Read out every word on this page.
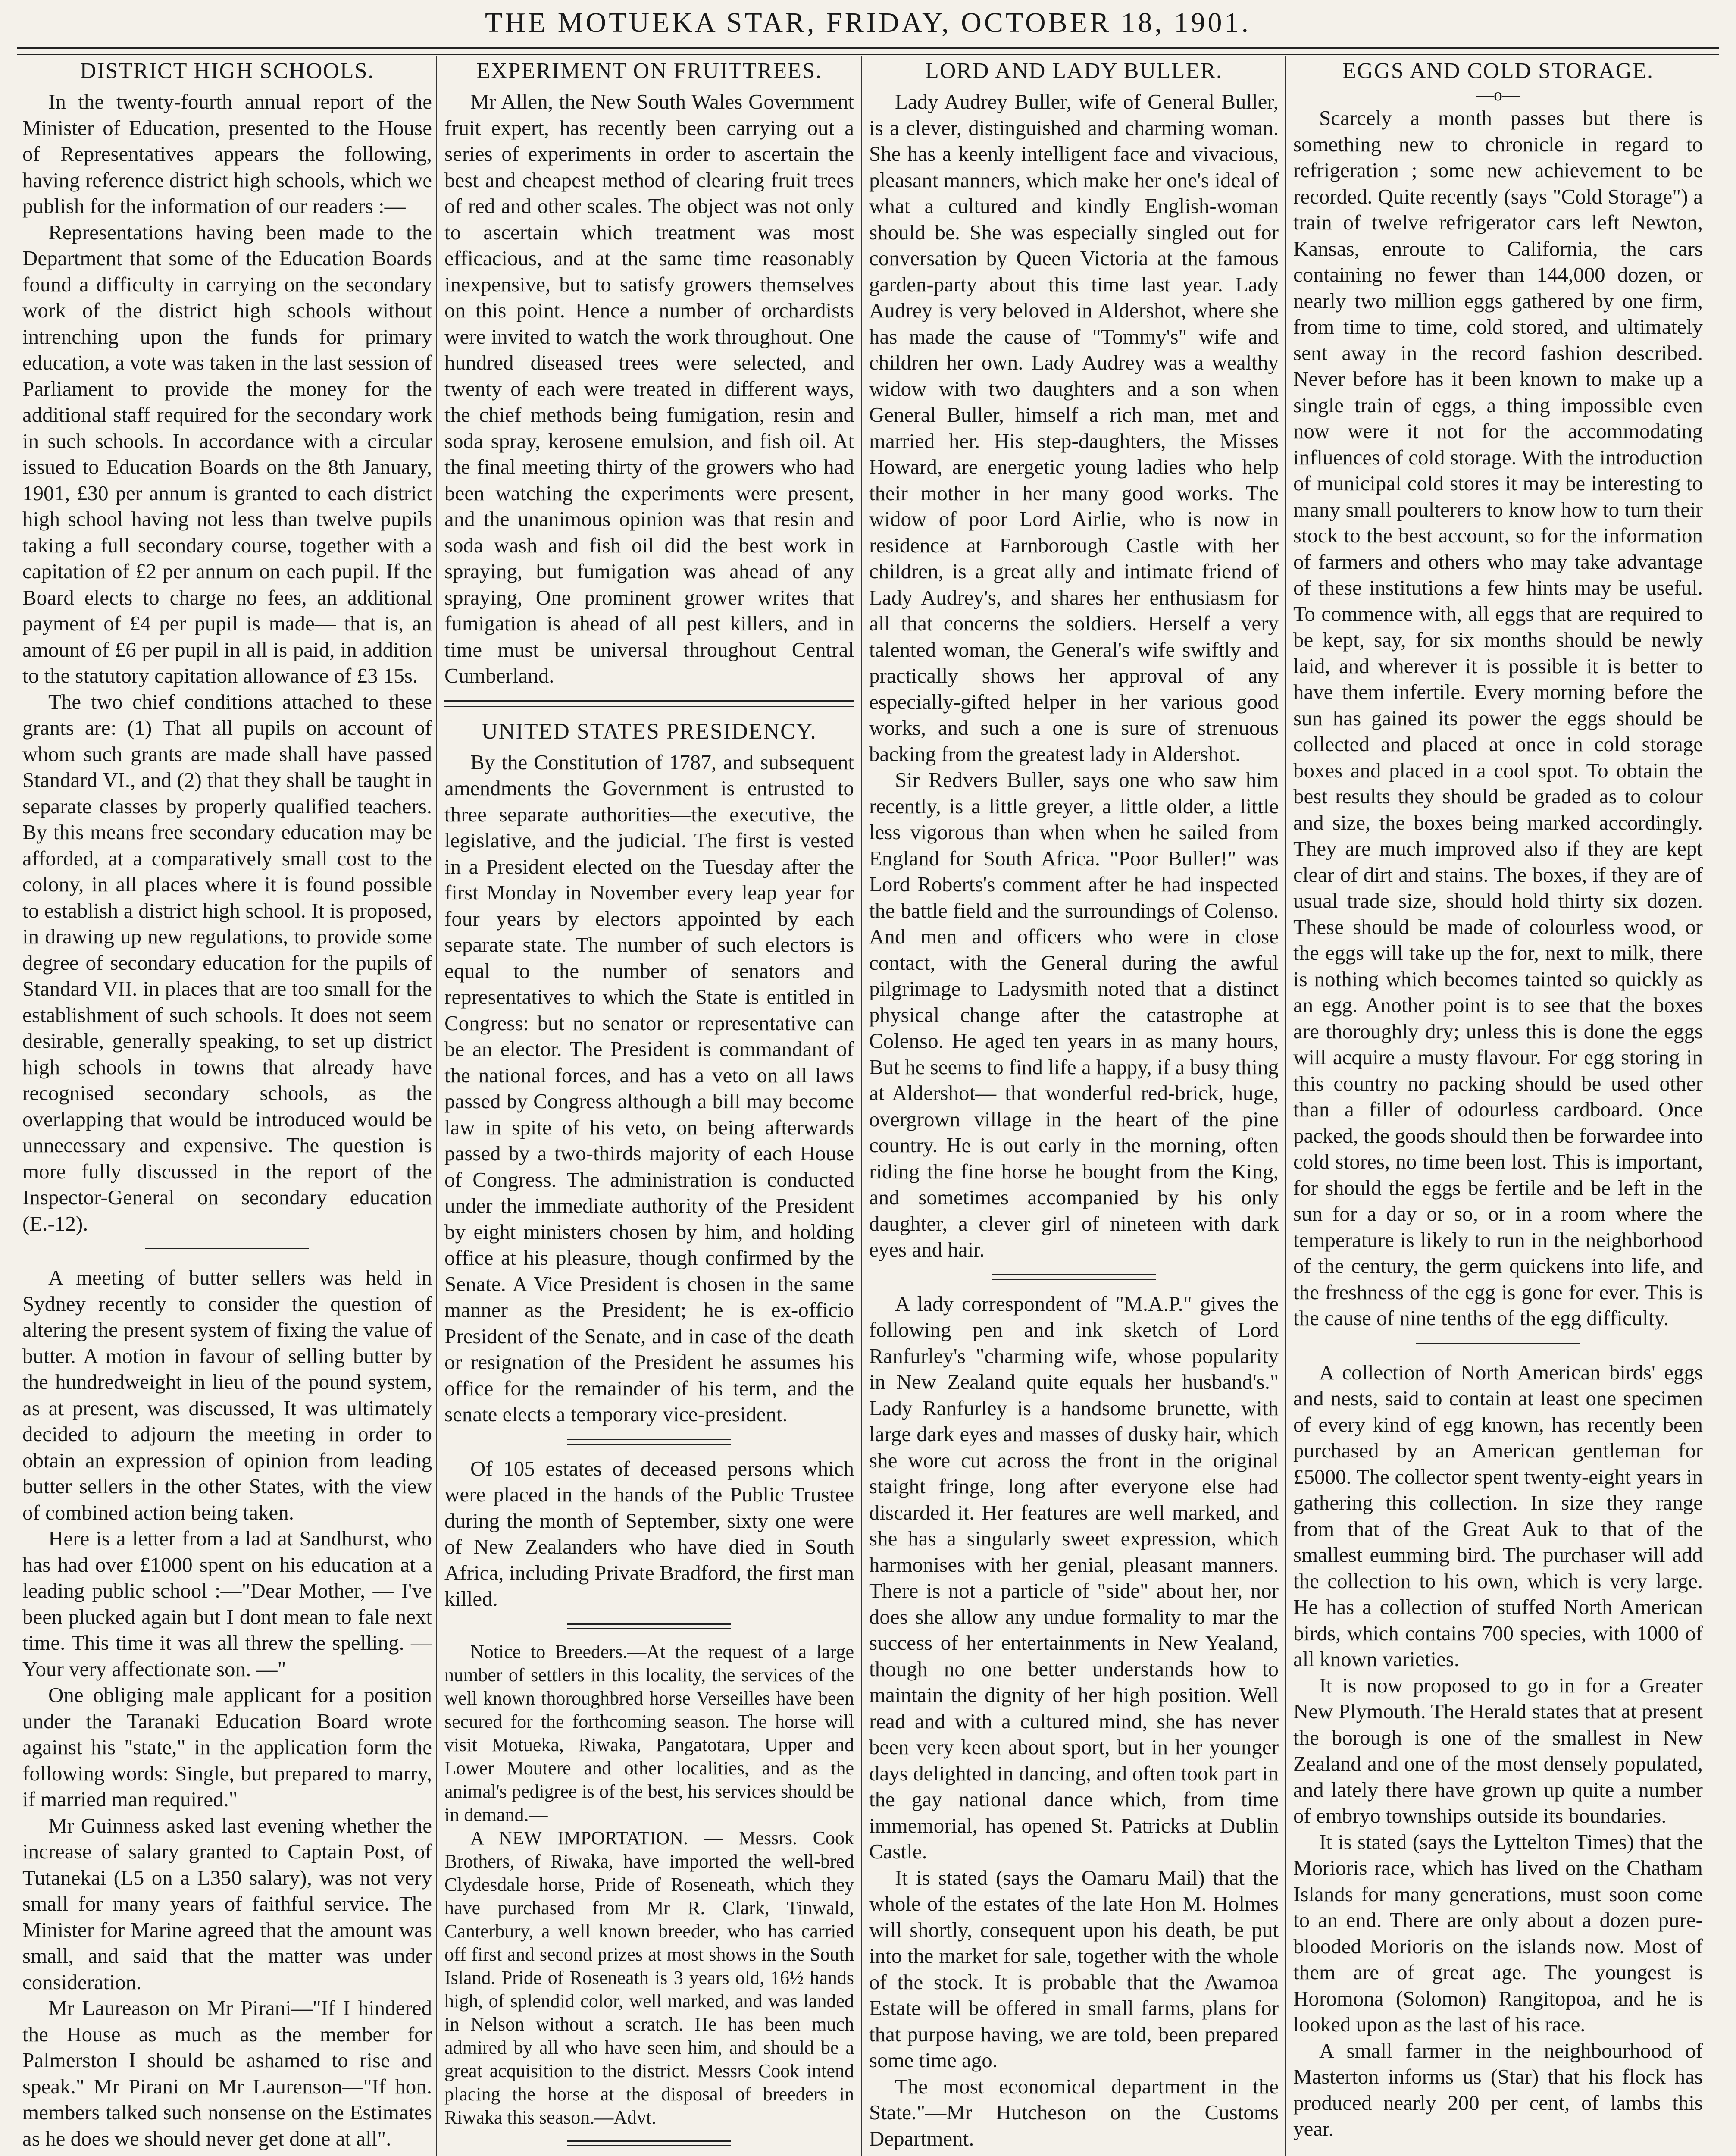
THE MOTUEKA STAR, FRIDAY, OCTOBER 18, 1901.
DISTRICT HIGH SCHOOLS.

In the twenty-fourth annual report of the Minister of Education, presented to the House of Representatives appears the following, having reference district high schools, which we publish for the information of our readers :—

Representations having been made to the Department that some of the Education Boards found a difficulty in carrying on the secondary work of the district high schools without intrenching upon the funds for primary education, a vote was taken in the last session of Parliament to provide the money for the additional staff required for the secondary work in such schools. In accordance with a circular issued to Education Boards on the 8th January, 1901, £30 per annum is granted to each district high school having not less than twelve pupils taking a full secondary course, together with a capitation of £2 per annum on each pupil. If the Board elects to charge no fees, an additional payment of £4 per pupil is made— that is, an amount of £6 per pupil in all is paid, in addition to the statutory capitation allowance of £3 15s.

The two chief conditions attached to these grants are: (1) That all pupils on account of whom such grants are made shall have passed Standard VI., and (2) that they shall be taught in separate classes by properly qualified teachers. By this means free secondary education may be afforded, at a comparatively small cost to the colony, in all places where it is found possible to establish a district high school. It is proposed, in drawing up new regulations, to provide some degree of secondary education for the pupils of Standard VII. in places that are too small for the establishment of such schools. It does not seem desirable, generally speaking, to set up district high schools in towns that already have recognised secondary schools, as the overlapping that would be introduced would be unnecessary and expensive. The question is more fully discussed in the report of the Inspector-General on secondary education (E.-12).

A meeting of butter sellers was held in Sydney recently to consider the question of altering the present system of fixing the value of butter. A motion in favour of selling butter by the hundredweight in lieu of the pound system, as at present, was discussed, It was ultimately decided to adjourn the meeting in order to obtain an expression of opinion from leading butter sellers in the other States, with the view of combined action being taken.

Here is a letter from a lad at Sandhurst, who has had over £1000 spent on his education at a leading public school :—"Dear Mother, — I've been plucked again but I dont mean to fale next time. This time it was all threw the spelling. —Your very affectionate son. —"

One obliging male applicant for a position under the Taranaki Education Board wrote against his "state," in the application form the following words: Single, but prepared to marry, if married man required."

Mr Guinness asked last evening whether the increase of salary granted to Captain Post, of Tutanekai (L5 on a L350 salary), was not very small for many years of faithful service. The Minister for Marine agreed that the amount was small, and said that the matter was under consideration.

Mr Laureason on Mr Pirani—"If I hindered the House as much as the member for Palmerston I should be ashamed to rise and speak." Mr Pirani on Mr Laurenson—"If hon. members talked such nonsense on the Estimates as he does we should never get done at all".

EXPERIMENT ON FRUITTREES.

Mr Allen, the New South Wales Government fruit expert, has recently been carrying out a series of experiments in order to ascertain the best and cheapest method of clearing fruit trees of red and other scales. The object was not only to ascertain which treatment was most efficacious, and at the same time reasonably inexpensive, but to satisfy growers themselves on this point. Hence a number of orchardists were invited to watch the work throughout. One hundred diseased trees were selected, and twenty of each were treated in different ways, the chief methods being fumigation, resin and soda spray, kerosene emulsion, and fish oil. At the final meeting thirty of the growers who had been watching the experiments were present, and the unanimous opinion was that resin and soda wash and fish oil did the best work in spraying, but fumigation was ahead of any spraying, One prominent grower writes that fumigation is ahead of all pest killers, and in time must be universal throughout Central Cumberland.

UNITED STATES PRESIDENCY.

By the Constitution of 1787, and subsequent amendments the Government is entrusted to three separate authorities—the executive, the legislative, and the judicial. The first is vested in a President elected on the Tuesday after the first Monday in November every leap year for four years by electors appointed by each separate state. The number of such electors is equal to the number of senators and representatives to which the State is entitled in Congress: but no senator or representative can be an elector. The President is commandant of the national forces, and has a veto on all laws passed by Congress although a bill may become law in spite of his veto, on being afterwards passed by a two-thirds majority of each House of Congress. The administration is conducted under the immediate authority of the President by eight ministers chosen by him, and holding office at his pleasure, though confirmed by the Senate. A Vice President is chosen in the same manner as the President; he is ex-officio President of the Senate, and in case of the death or resignation of the President he assumes his office for the remainder of his term, and the senate elects a temporary vice-president.

Of 105 estates of deceased persons which were placed in the hands of the Public Trustee during the month of September, sixty one were of New Zealanders who have died in South Africa, including Private Bradford, the first man killed.

Notice to Breeders.—At the request of a large number of settlers in this locality, the services of the well known thoroughbred horse Verseilles have been secured for the forthcoming season. The horse will visit Motueka, Riwaka, Pangatotara, Upper and Lower Moutere and other localities, and as the animal's pedigree is of the best, his services should be in demand.—

A NEW IMPORTATION. — Messrs. Cook Brothers, of Riwaka, have imported the well-bred Clydesdale horse, Pride of Roseneath, which they have purchased from Mr R. Clark, Tinwald, Canterbury, a well known breeder, who has carried off first and second prizes at most shows in the South Island. Pride of Roseneath is 3 years old, 16½ hands high, of splendid color, well marked, and was landed in Nelson without a scratch. He has been much admired by all who have seen him, and should be a great acquisition to the district. Messrs Cook intend placing the horse at the disposal of breeders in Riwaka this season.—Advt.

LORD AND LADY BULLER.

Lady Audrey Buller, wife of General Buller, is a clever, distinguished and charming woman. She has a keenly intelligent face and vivacious, pleasant manners, which make her one's ideal of what a cultured and kindly English-woman should be. She was especially singled out for conversation by Queen Victoria at the famous garden-party about this time last year. Lady Audrey is very beloved in Aldershot, where she has made the cause of "Tommy's" wife and children her own. Lady Audrey was a wealthy widow with two daughters and a son when General Buller, himself a rich man, met and married her. His step-daughters, the Misses Howard, are energetic young ladies who help their mother in her many good works. The widow of poor Lord Airlie, who is now in residence at Farnborough Castle with her children, is a great ally and intimate friend of Lady Audrey's, and shares her enthusiasm for all that concerns the soldiers. Herself a very talented woman, the General's wife swiftly and practically shows her approval of any especially-gifted helper in her various good works, and such a one is sure of strenuous backing from the greatest lady in Aldershot.

Sir Redvers Buller, says one who saw him recently, is a little greyer, a little older, a little less vigorous than when when he sailed from England for South Africa. "Poor Buller!" was Lord Roberts's comment after he had inspected the battle field and the surroundings of Colenso. And men and officers who were in close contact, with the General during the awful pilgrimage to Ladysmith noted that a distinct physical change after the catastrophe at Colenso. He aged ten years in as many hours, But he seems to find life a happy, if a busy thing at Aldershot— that wonderful red-brick, huge, overgrown village in the heart of the pine country. He is out early in the morning, often riding the fine horse he bought from the King, and sometimes accompanied by his only daughter, a clever girl of nineteen with dark eyes and hair.

A lady correspondent of "M.A.P." gives the following pen and ink sketch of Lord Ranfurley's "charming wife, whose popularity in New Zealand quite equals her husband's." Lady Ranfurley is a handsome brunette, with large dark eyes and masses of dusky hair, which she wore cut across the front in the original staight fringe, long after everyone else had discarded it. Her features are well marked, and she has a singularly sweet expression, which harmonises with her genial, pleasant manners. There is not a particle of "side" about her, nor does she allow any undue formality to mar the success of her entertainments in New Yealand, though no one better understands how to maintain the dignity of her high position. Well read and with a cultured mind, she has never been very keen about sport, but in her younger days delighted in dancing, and often took part in the gay national dance which, from time immemorial, has opened St. Patricks at Dublin Castle.

It is stated (says the Oamaru Mail) that the whole of the estates of the late Hon M. Holmes will shortly, consequent upon his death, be put into the market for sale, together with the whole of the stock. It is probable that the Awamoa Estate will be offered in small farms, plans for that purpose having, we are told, been prepared some time ago.

The most economical department in the State."—Mr Hutcheson on the Customs Department.

EGGS AND COLD STORAGE.
—o—

Scarcely a month passes but there is something new to chronicle in regard to refrigeration ; some new achievement to be recorded. Quite recently (says "Cold Storage") a train of twelve refrigerator cars left Newton, Kansas, enroute to California, the cars containing no fewer than 144,000 dozen, or nearly two million eggs gathered by one firm, from time to time, cold stored, and ultimately sent away in the record fashion described. Never before has it been known to make up a single train of eggs, a thing impossible even now were it not for the accommodating influences of cold storage. With the introduction of municipal cold stores it may be interesting to many small poulterers to know how to turn their stock to the best account, so for the information of farmers and others who may take advantage of these institutions a few hints may be useful. To commence with, all eggs that are required to be kept, say, for six months should be newly laid, and wherever it is possible it is better to have them infertile. Every morning before the sun has gained its power the eggs should be collected and placed at once in cold storage boxes and placed in a cool spot. To obtain the best results they should be graded as to colour and size, the boxes being marked accordingly. They are much improved also if they are kept clear of dirt and stains. The boxes, if they are of usual trade size, should hold thirty six dozen. These should be made of colourless wood, or the eggs will take up the for, next to milk, there is nothing which becomes tainted so quickly as an egg. Another point is to see that the boxes are thoroughly dry; unless this is done the eggs will acquire a musty flavour. For egg storing in this country no packing should be used other than a filler of odourless cardboard. Once packed, the goods should then be forwardee into cold stores, no time been lost. This is important, for should the eggs be fertile and be left in the sun for a day or so, or in a room where the temperature is likely to run in the neighborhood of the century, the germ quickens into life, and the freshness of the egg is gone for ever. This is the cause of nine tenths of the egg difficulty.

A collection of North American birds' eggs and nests, said to contain at least one specimen of every kind of egg known, has recently been purchased by an American gentleman for £5000. The collector spent twenty-eight years in gathering this collection. In size they range from that of the Great Auk to that of the smallest eumming bird. The purchaser will add the collection to his own, which is very large. He has a collection of stuffed North American birds, which contains 700 species, with 1000 of all known varieties.

It is now proposed to go in for a Greater New Plymouth. The Herald states that at present the borough is one of the smallest in New Zealand and one of the most densely populated, and lately there have grown up quite a number of embryo townships outside its boundaries.

It is stated (says the Lyttelton Times) that the Morioris race, which has lived on the Chatham Islands for many generations, must soon come to an end. There are only about a dozen pure-blooded Morioris on the islands now. Most of them are of great age. The youngest is Horomona (Solomon) Rangitopoa, and he is looked upon as the last of his race.

A small farmer in the neighbourhood of Masterton informs us (Star) that his flock has produced nearly 200 per cent, of lambs this year.
